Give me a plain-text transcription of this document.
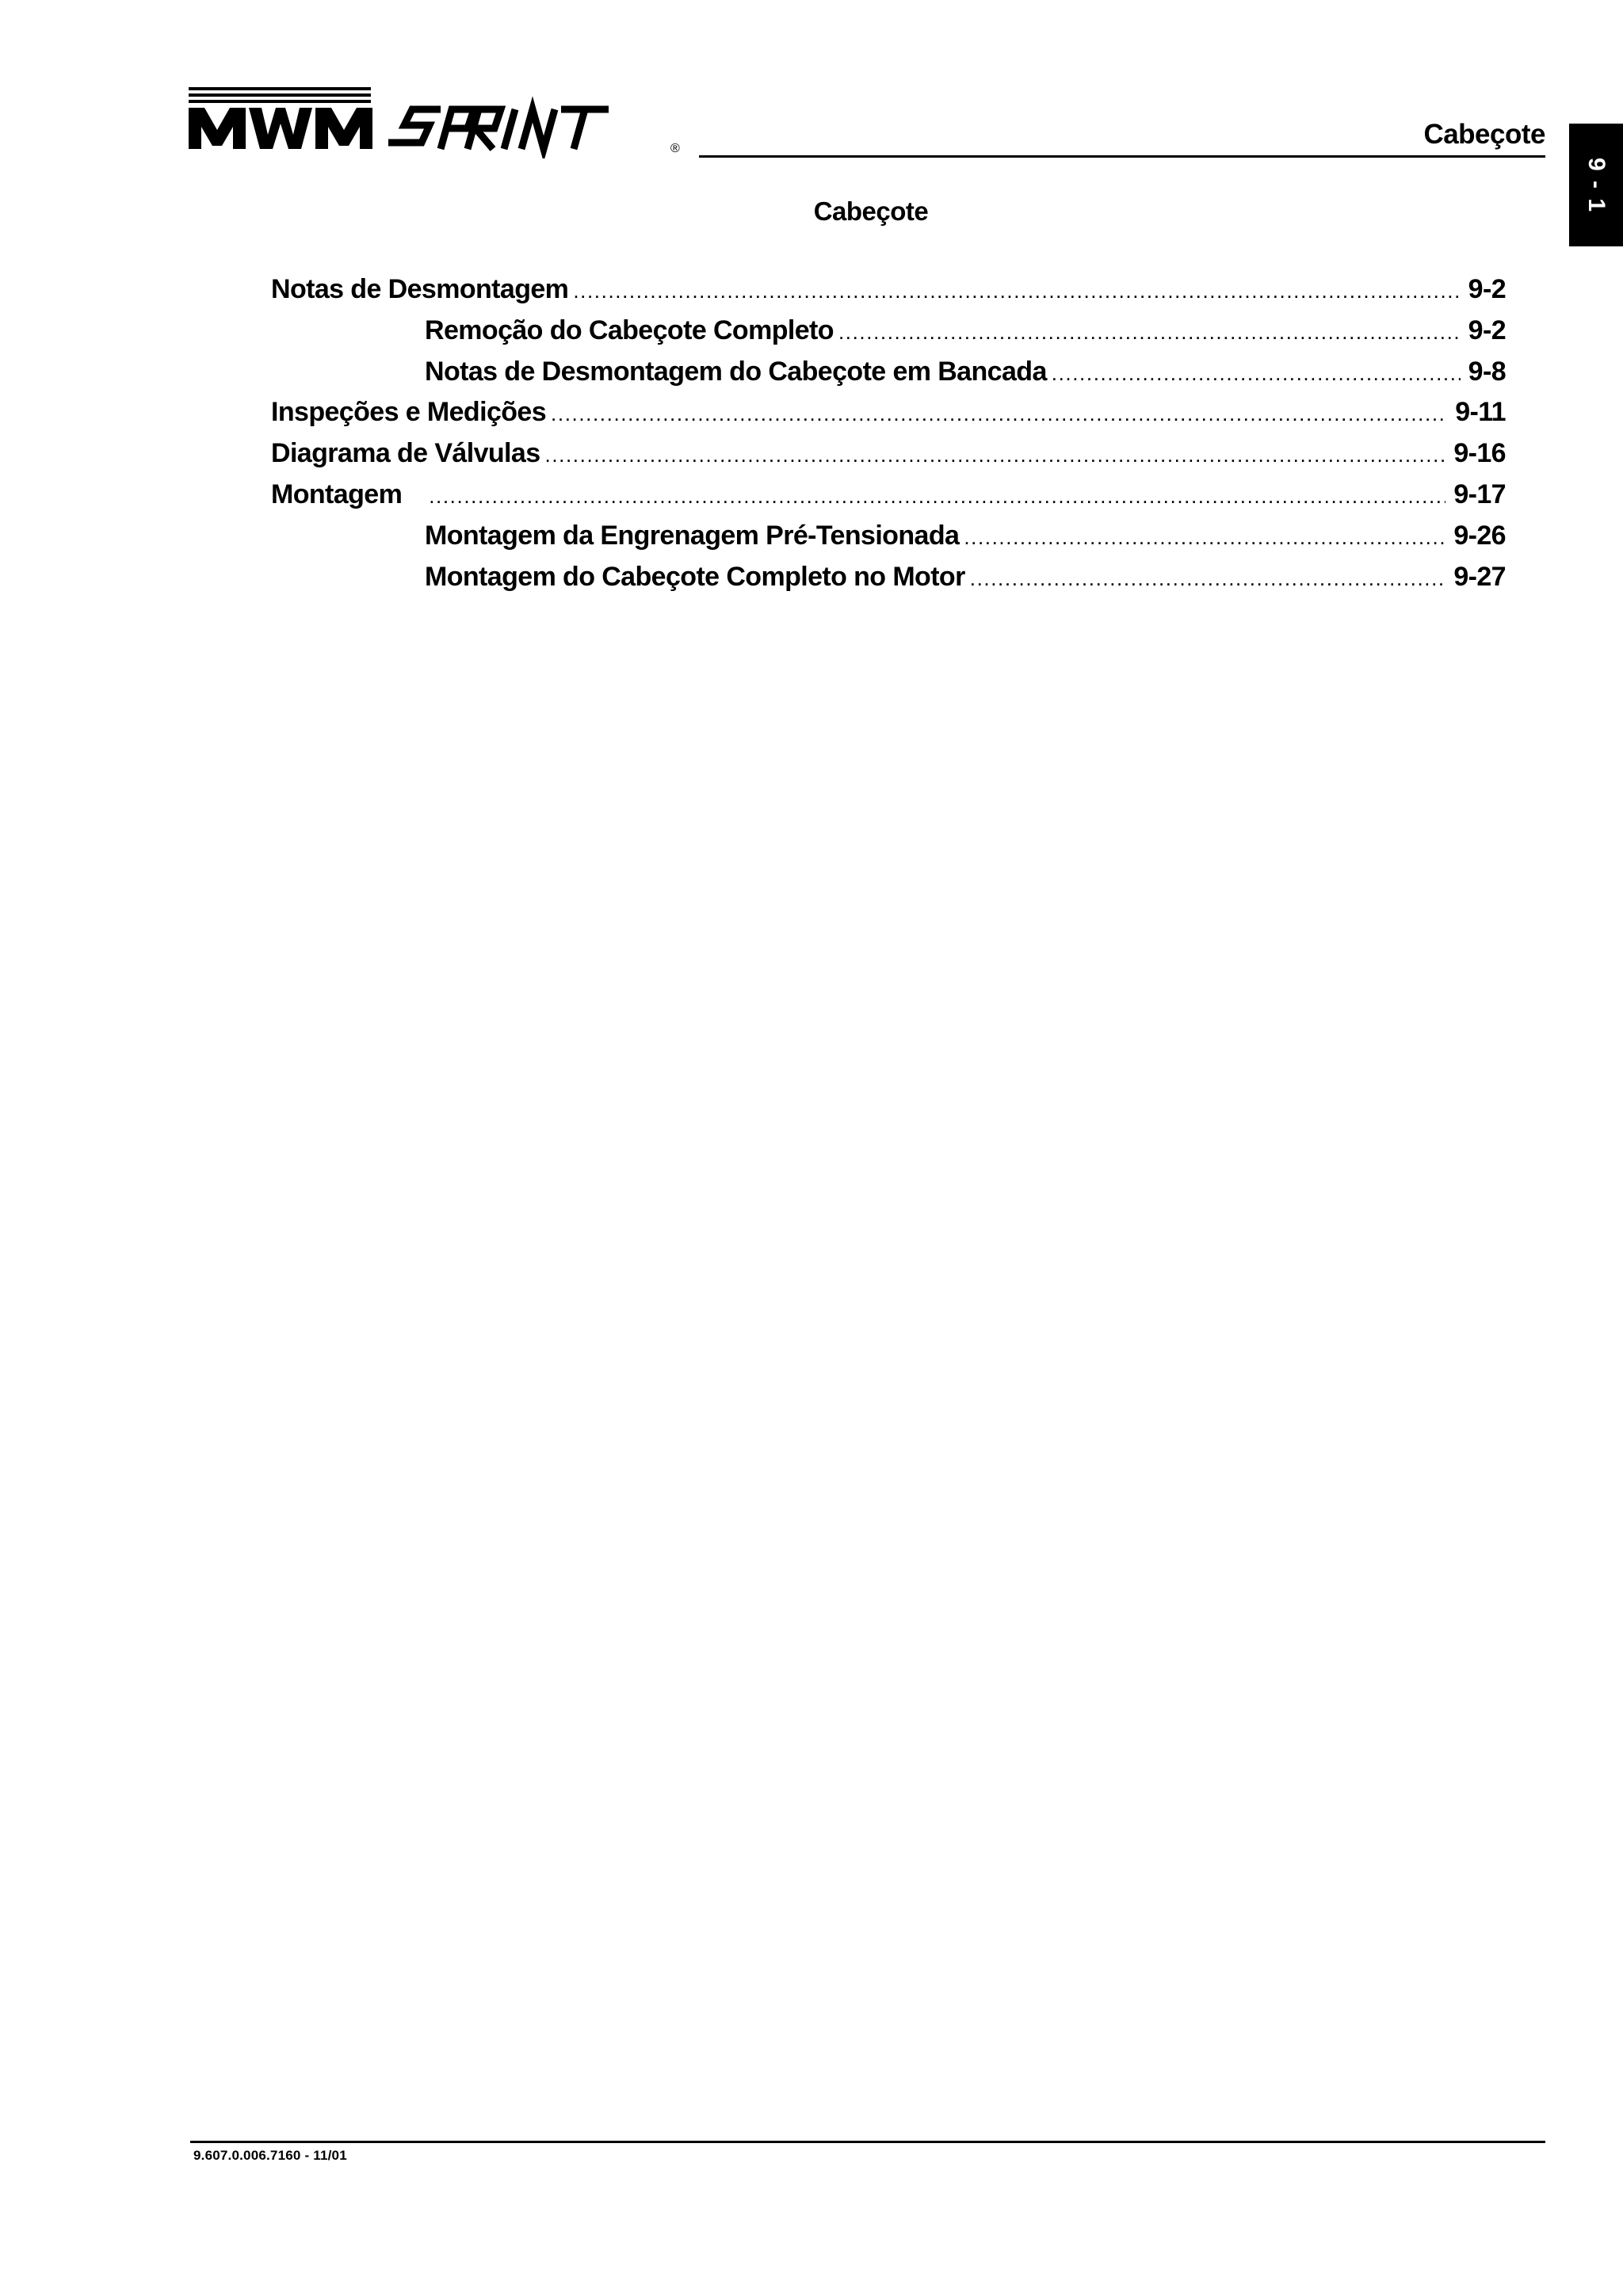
®	Cabeçote
9 - 1
Cabeçote
Notas de Desmontagem .....	9-2
Remoção do Cabeçote Completo .....	9-2
Notas de Desmontagem do Cabeçote em Bancada .....	9-8
Inspeções e Medições .....	9-11
Diagrama de Válvulas .....	9-16
Montagem .....	9-17
Montagem da Engrenagem Pré-Tensionada .....	9-26
Montagem do Cabeçote Completo no Motor .....	9-27
9.607.0.006.7160 - 11/01
